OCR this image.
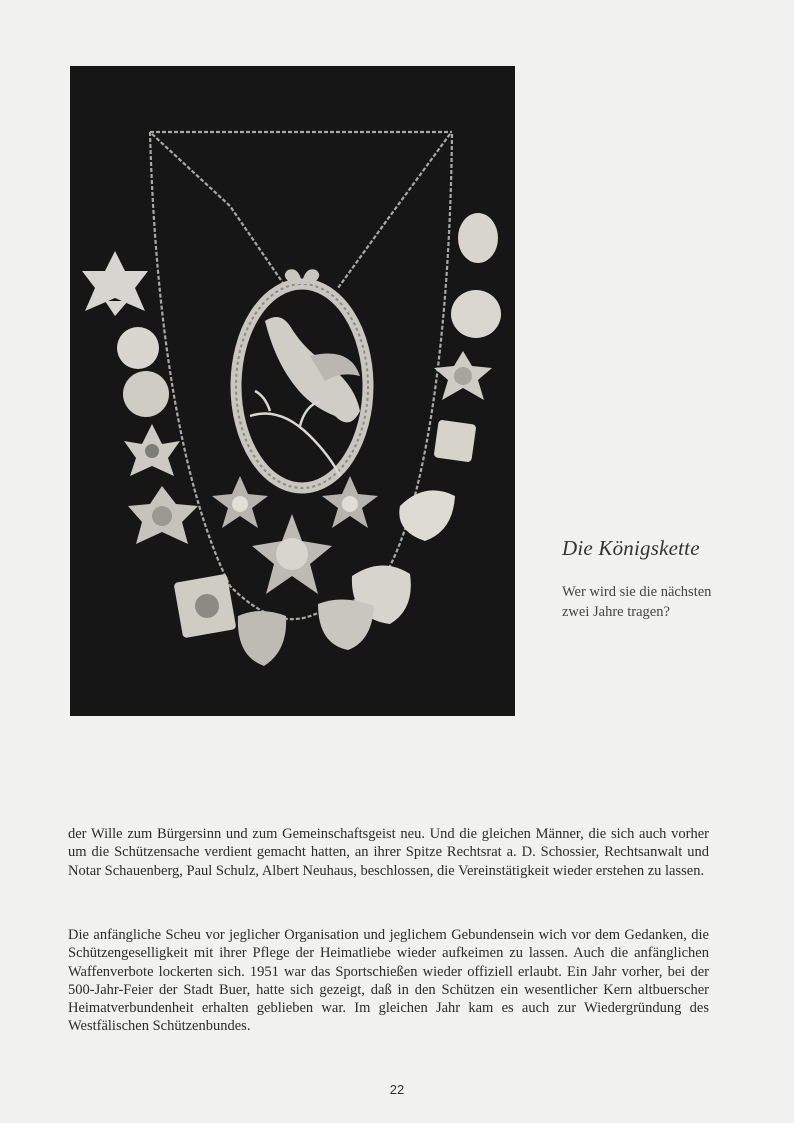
Die Königskette
Wer wird sie die nächsten zwei Jahre tragen?

der Wille zum Bürgersinn und zum Gemeinschaftsgeist neu. Und die gleichen Männer, die sich auch vorher um die Schützensache verdient gemacht hatten, an ihrer Spitze Rechtsrat a. D. Schossier, Rechtsanwalt und Notar Schauenberg, Paul Schulz, Albert Neuhaus, beschlossen, die Vereinstätigkeit wieder erstehen zu lassen.

Die anfängliche Scheu vor jeglicher Organisation und jeglichem Gebundensein wich vor dem Gedanken, die Schützengeselligkeit mit ihrer Pflege der Heimatliebe wieder aufkeimen zu lassen. Auch die anfänglichen Waffenverbote lockerten sich. 1951 war das Sportschießen wieder offiziell erlaubt. Ein Jahr vorher, bei der 500-Jahr-Feier der Stadt Buer, hatte sich gezeigt, daß in den Schützen ein wesentlicher Kern altbuerscher Heimatverbundenheit erhalten geblieben war. Im gleichen Jahr kam es auch zur Wiedergründung des Westfälischen Schützenbundes.

22
